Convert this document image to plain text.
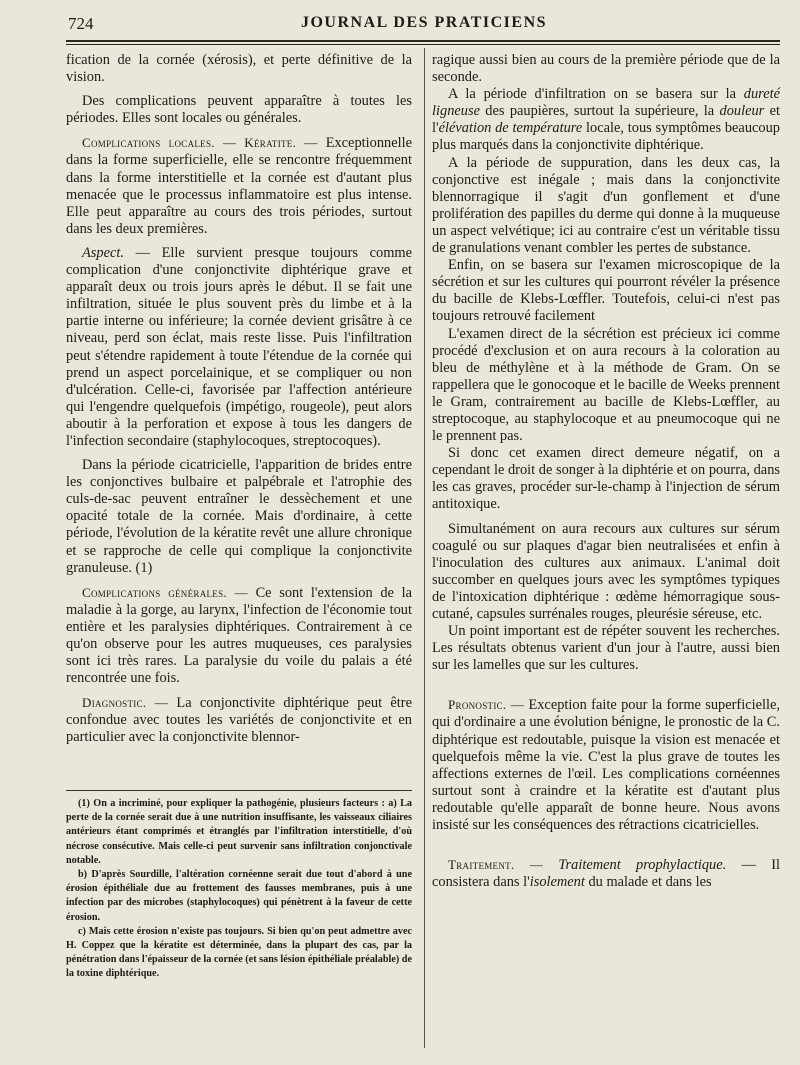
724	JOURNAL DES PRATICIENS

fication de la cornée (xérosis), et perte définitive de la vision.

Des complications peuvent apparaître à toutes les périodes. Elles sont locales ou générales.

Complications locales. — Kératite. — Exceptionnelle dans la forme superficielle, elle se rencontre fréquemment dans la forme interstitielle et la cornée est d'autant plus menacée que le processus inflammatoire est plus intense. Elle peut apparaître au cours des trois périodes, surtout dans les deux premières.

Aspect. — Elle survient presque toujours comme complication d'une conjonctivite diphtérique grave et apparaît deux ou trois jours après le début. Il se fait une infiltration, située le plus souvent près du limbe et à la partie interne ou inférieure; la cornée devient grisâtre à ce niveau, perd son éclat, mais reste lisse. Puis l'infiltration peut s'étendre rapidement à toute l'étendue de la cornée qui prend un aspect porcelainique, et se compliquer ou non d'ulcération. Celle-ci, favorisée par l'affection antérieure qui l'engendre quelquefois (impétigo, rougeole), peut alors aboutir à la perforation et expose à tous les dangers de l'infection secondaire (staphylocoques, streptocoques).

Dans la période cicatricielle, l'apparition de brides entre les conjonctives bulbaire et palpébrale et l'atrophie des culs-de-sac peuvent entraîner le dessèchement et une opacité totale de la cornée. Mais d'ordinaire, à cette période, l'évolution de la kératite revêt une allure chronique et se rapproche de celle qui complique la conjonctivite granuleuse. (1)

Complications générales. — Ce sont l'extension de la maladie à la gorge, au larynx, l'infection de l'économie tout entière et les paralysies diphtériques. Contrairement à ce qu'on observe pour les autres muqueuses, ces paralysies sont ici très rares. La paralysie du voile du palais a été rencontrée une fois.

Diagnostic. — La conjonctivite diphtérique peut être confondue avec toutes les variétés de conjonctivite et en particulier avec la conjonctivite blennor-

(1) On a incriminé, pour expliquer la pathogénie, plusieurs facteurs : a) La perte de la cornée serait due à une nutrition insuffisante, les vaisseaux ciliaires antérieurs étant comprimés et étranglés par l'infiltration interstitielle, d'où nécrose consécutive. Mais celle-ci peut survenir sans infiltration conjonctivale notable.

b) D'après Sourdille, l'altération cornéenne serait due tout d'abord à une érosion épithéliale due au frottement des fausses membranes, puis à une infection par des microbes (staphylocoques) qui pénètrent à la faveur de cette érosion.

c) Mais cette érosion n'existe pas toujours. Si bien qu'on peut admettre avec H. Coppez que la kératite est déterminée, dans la plupart des cas, par la pénétration dans l'épaisseur de la cornée (et sans lésion épithéliale préalable) de la toxine diphtérique.

ragique aussi bien au cours de la première période que de la seconde.

A la période d'infiltration on se basera sur la dureté ligneuse des paupières, surtout la supérieure, la douleur et l'élévation de température locale, tous symptômes beaucoup plus marqués dans la conjonctivite diphtérique.

A la période de suppuration, dans les deux cas, la conjonctive est inégale ; mais dans la conjonctivite blennorragique il s'agit d'un gonflement et d'une prolifération des papilles du derme qui donne à la muqueuse un aspect velvétique; ici au contraire c'est un véritable tissu de granulations venant combler les pertes de substance.

Enfin, on se basera sur l'examen microscopique de la sécrétion et sur les cultures qui pourront révéler la présence du bacille de Klebs-Lœffler. Toutefois, celui-ci n'est pas toujours retrouvé facilement

L'examen direct de la sécrétion est précieux ici comme procédé d'exclusion et on aura recours à la coloration au bleu de méthylène et à la méthode de Gram. On se rappellera que le gonocoque et le bacille de Weeks prennent le Gram, contrairement au bacille de Klebs-Lœffler, au streptocoque, au staphylocoque et au pneumocoque qui ne le prennent pas.

Si donc cet examen direct demeure négatif, on a cependant le droit de songer à la diphtérie et on pourra, dans les cas graves, procéder sur-le-champ à l'injection de sérum antitoxique.

Simultanément on aura recours aux cultures sur sérum coagulé ou sur plaques d'agar bien neutralisées et enfin à l'inoculation des cultures aux animaux. L'animal doit succomber en quelques jours avec les symptômes typiques de l'intoxication diphtérique : œdème hémorragique sous-cutané, capsules surrénales rouges, pleurésie séreuse, etc.

Un point important est de répéter souvent les recherches. Les résultats obtenus varient d'un jour à l'autre, aussi bien sur les lamelles que sur les cultures.

Pronostic. — Exception faite pour la forme superficielle, qui d'ordinaire a une évolution bénigne, le pronostic de la C. diphtérique est redoutable, puisque la vision est menacée et quelquefois même la vie. C'est la plus grave de toutes les affections externes de l'œil. Les complications cornéennes surtout sont à craindre et la kératite est d'autant plus redoutable qu'elle apparaît de bonne heure. Nous avons insisté sur les conséquences des rétractions cicatricielles.

Traitement. — Traitement prophylactique. — Il consistera dans l'isolement du malade et dans les
